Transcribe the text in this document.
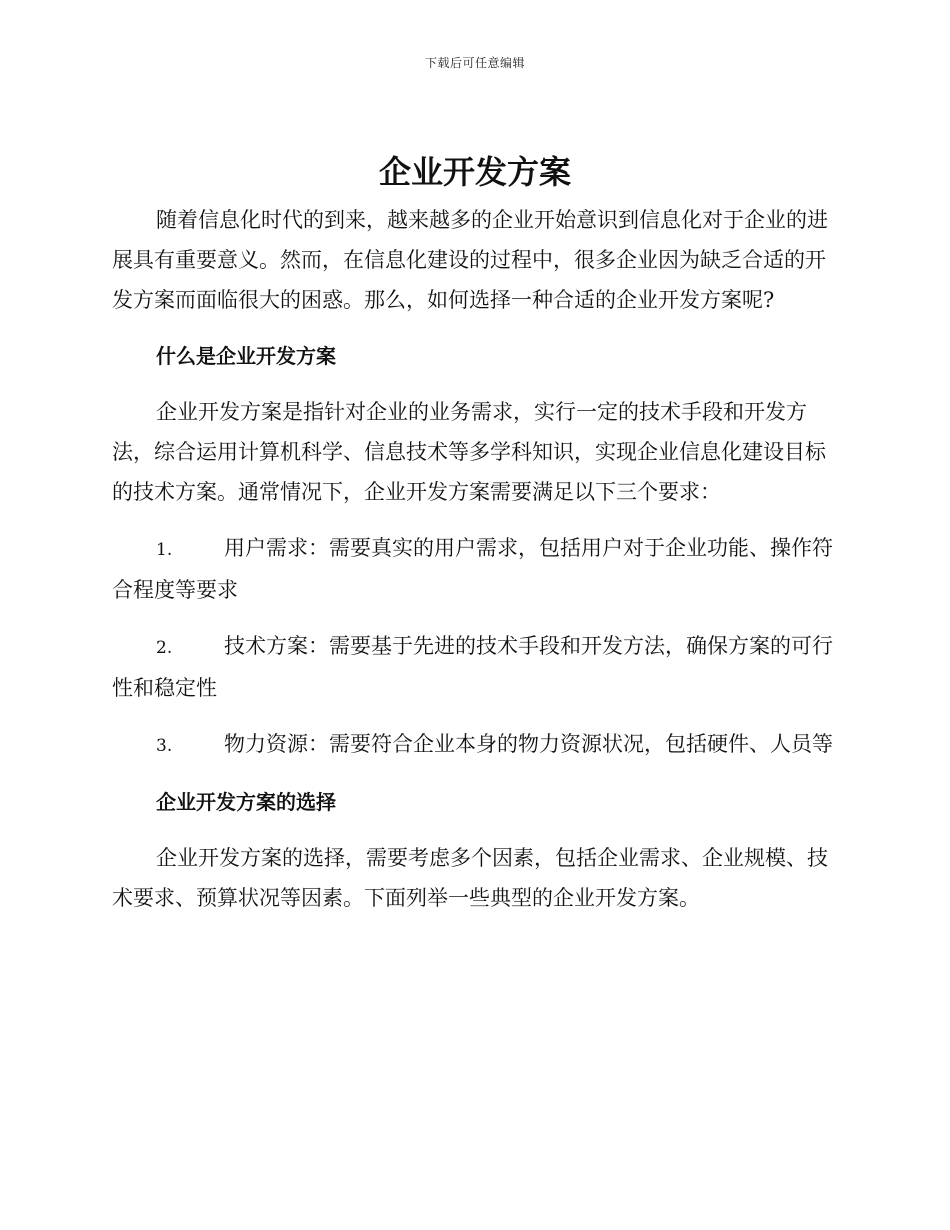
下载后可任意编辑
企业开发方案

随着信息化时代的到来，越来越多的企业开始意识到信息化对于企业的进展具有重要意义。然而，在信息化建设的过程中，很多企业因为缺乏合适的开发方案而面临很大的困惑。那么，如何选择一种合适的企业开发方案呢?

什么是企业开发方案

企业开发方案是指针对企业的业务需求，实行一定的技术手段和开发方法，综合运用计算机科学、信息技术等多学科知识，实现企业信息化建设目标的技术方案。通常情况下，企业开发方案需要满足以下三个要求：

1. 用户需求：需要真实的用户需求，包括用户对于企业功能、操作符合程度等要求

2. 技术方案：需要基于先进的技术手段和开发方法，确保方案的可行性和稳定性

3. 物力资源：需要符合企业本身的物力资源状况，包括硬件、人员等

企业开发方案的选择

企业开发方案的选择，需要考虑多个因素，包括企业需求、企业规模、技术要求、预算状况等因素。下面列举一些典型的企业开发方案。
